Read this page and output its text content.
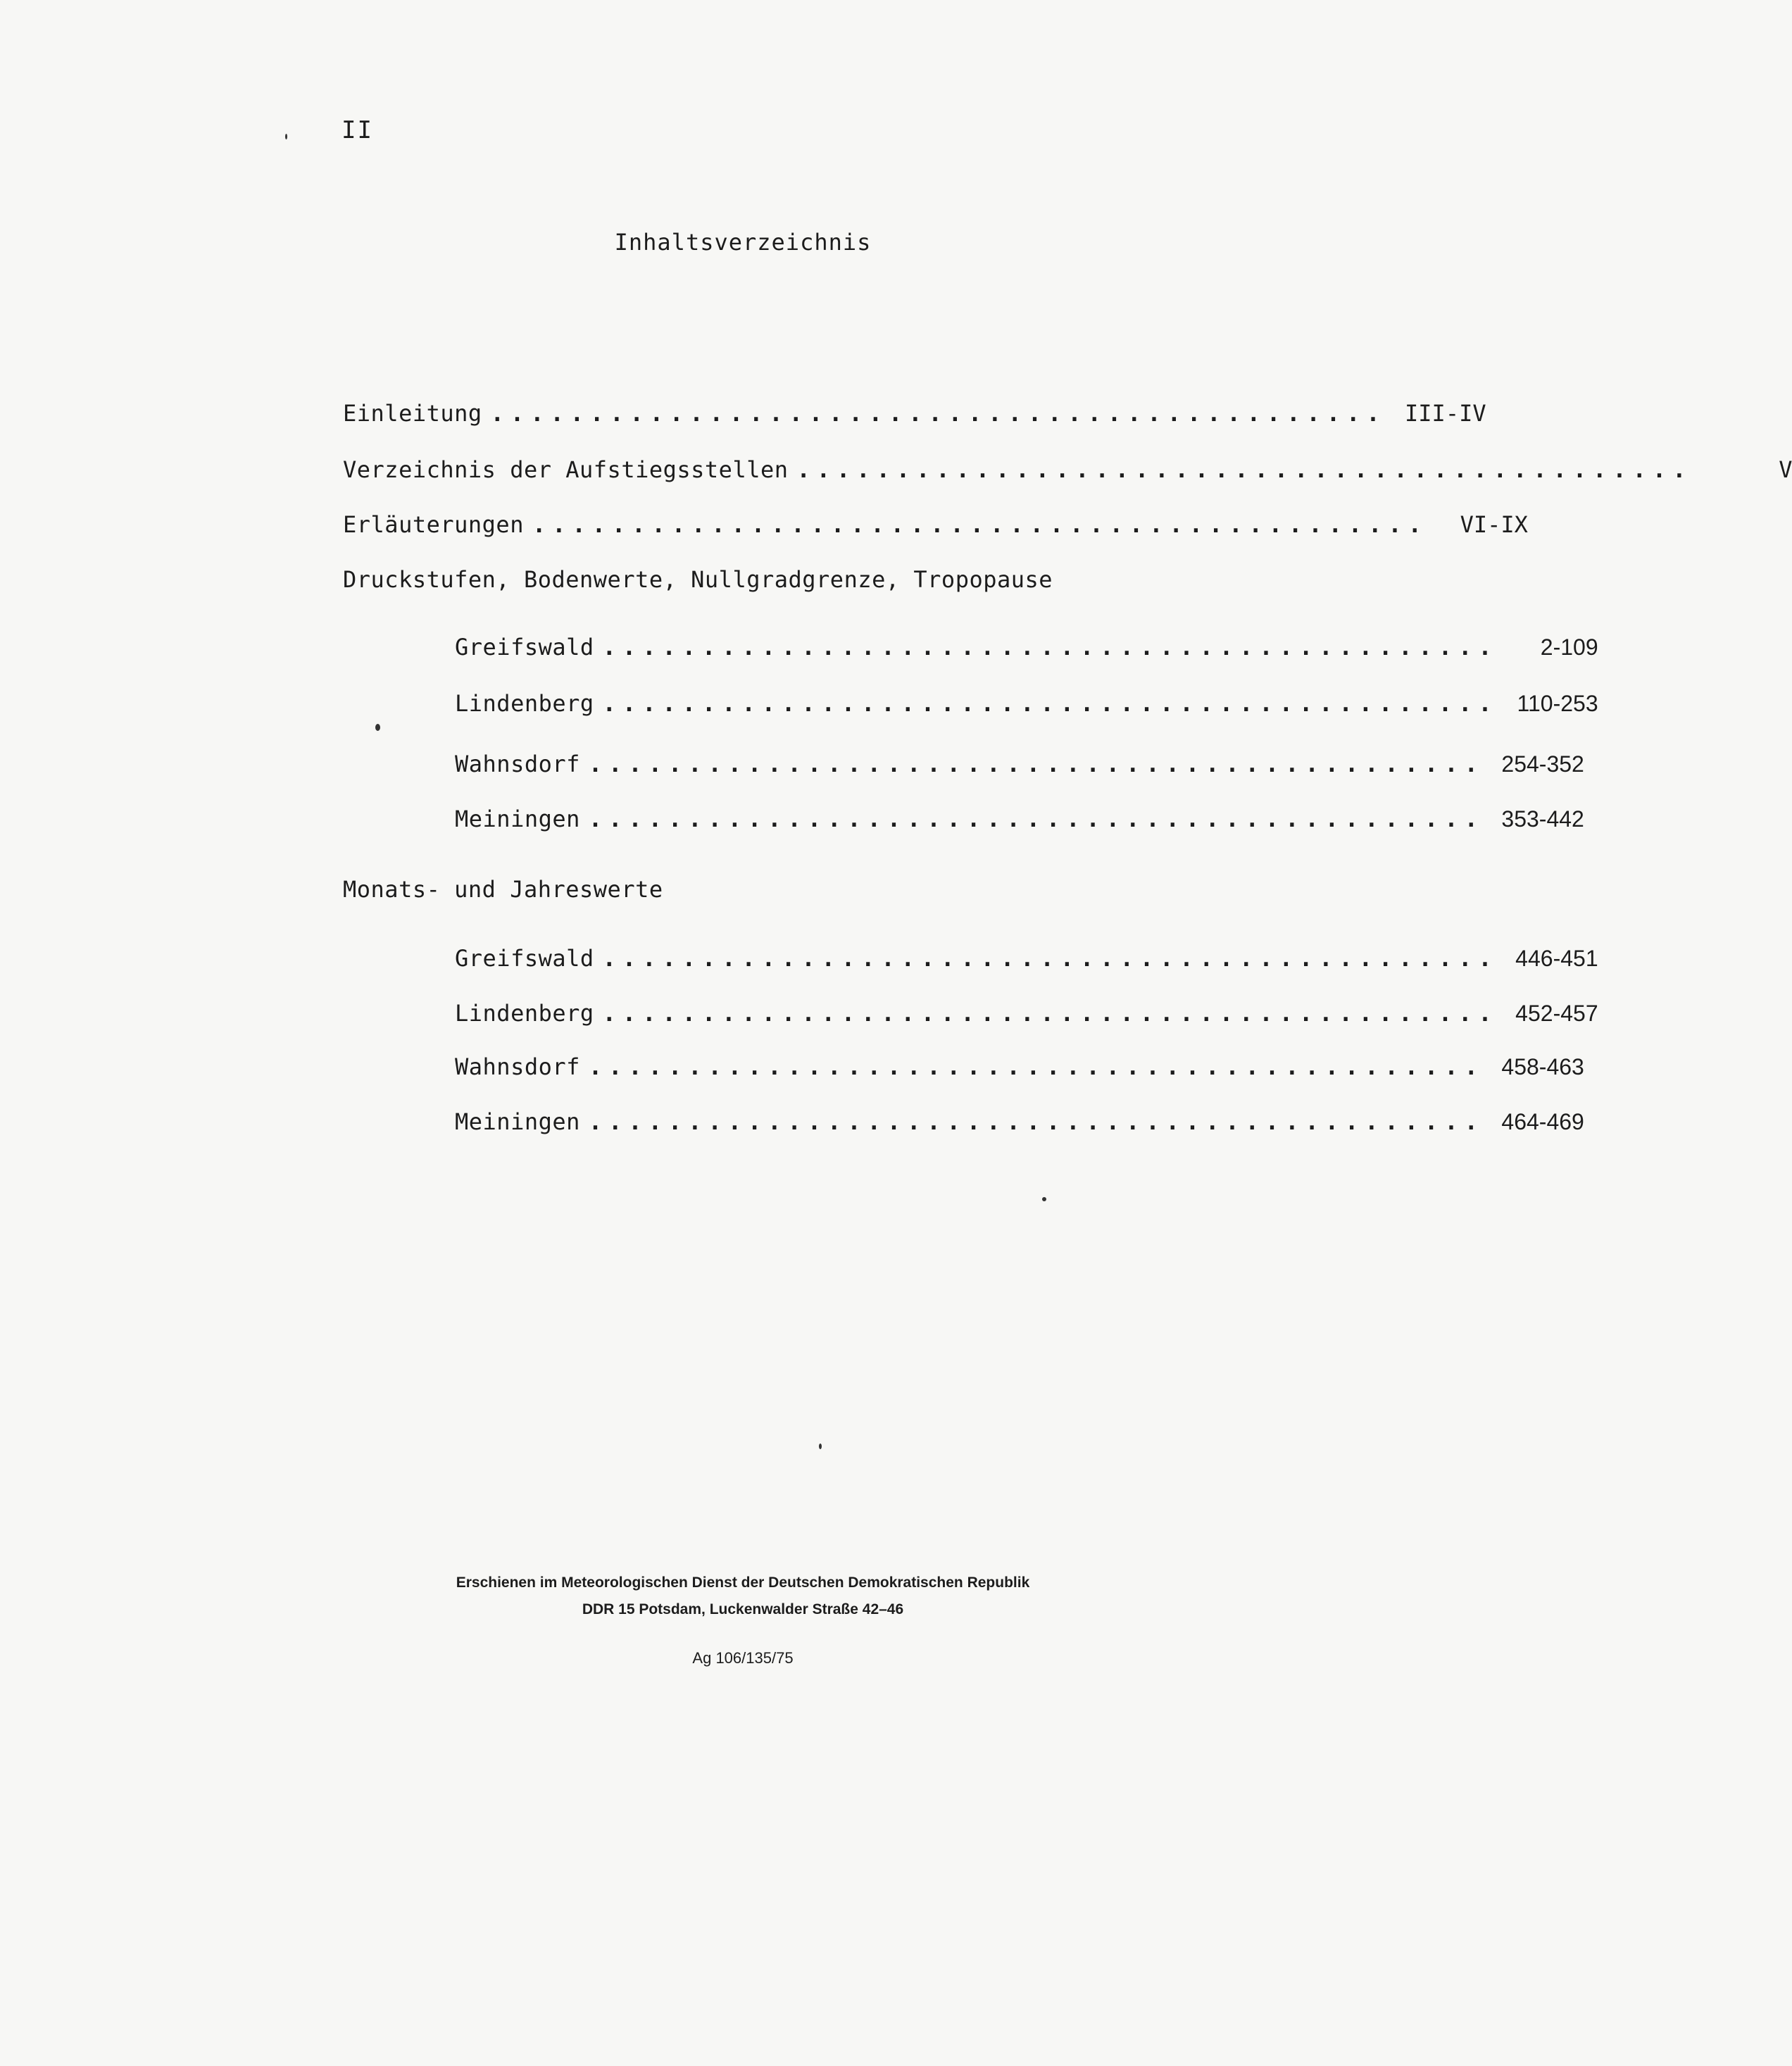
II
Inhaltsverzeichnis
Einleitung ............................................. III-IV
Verzeichnis der Aufstiegsstellen .............................................	V
Erläuterungen .............................................	VI-IX
Druckstufen, Bodenwerte, Nullgradgrenze, Tropopause
Greifswald .............................................	2-109
Lindenberg ............................................. 110-253
Wahnsdorf ............................................. 254-352
Meiningen ............................................. 353-442
Monats- und Jahreswerte
Greifswald ............................................. 446-451
Lindenberg ............................................. 452-457
Wahnsdorf ............................................. 458-463
Meiningen ............................................. 464-469
Erschienen im Meteorologischen Dienst der Deutschen Demokratischen Republik
DDR 15 Potsdam, Luckenwalder Straße 42–46
Ag 106/135/75
